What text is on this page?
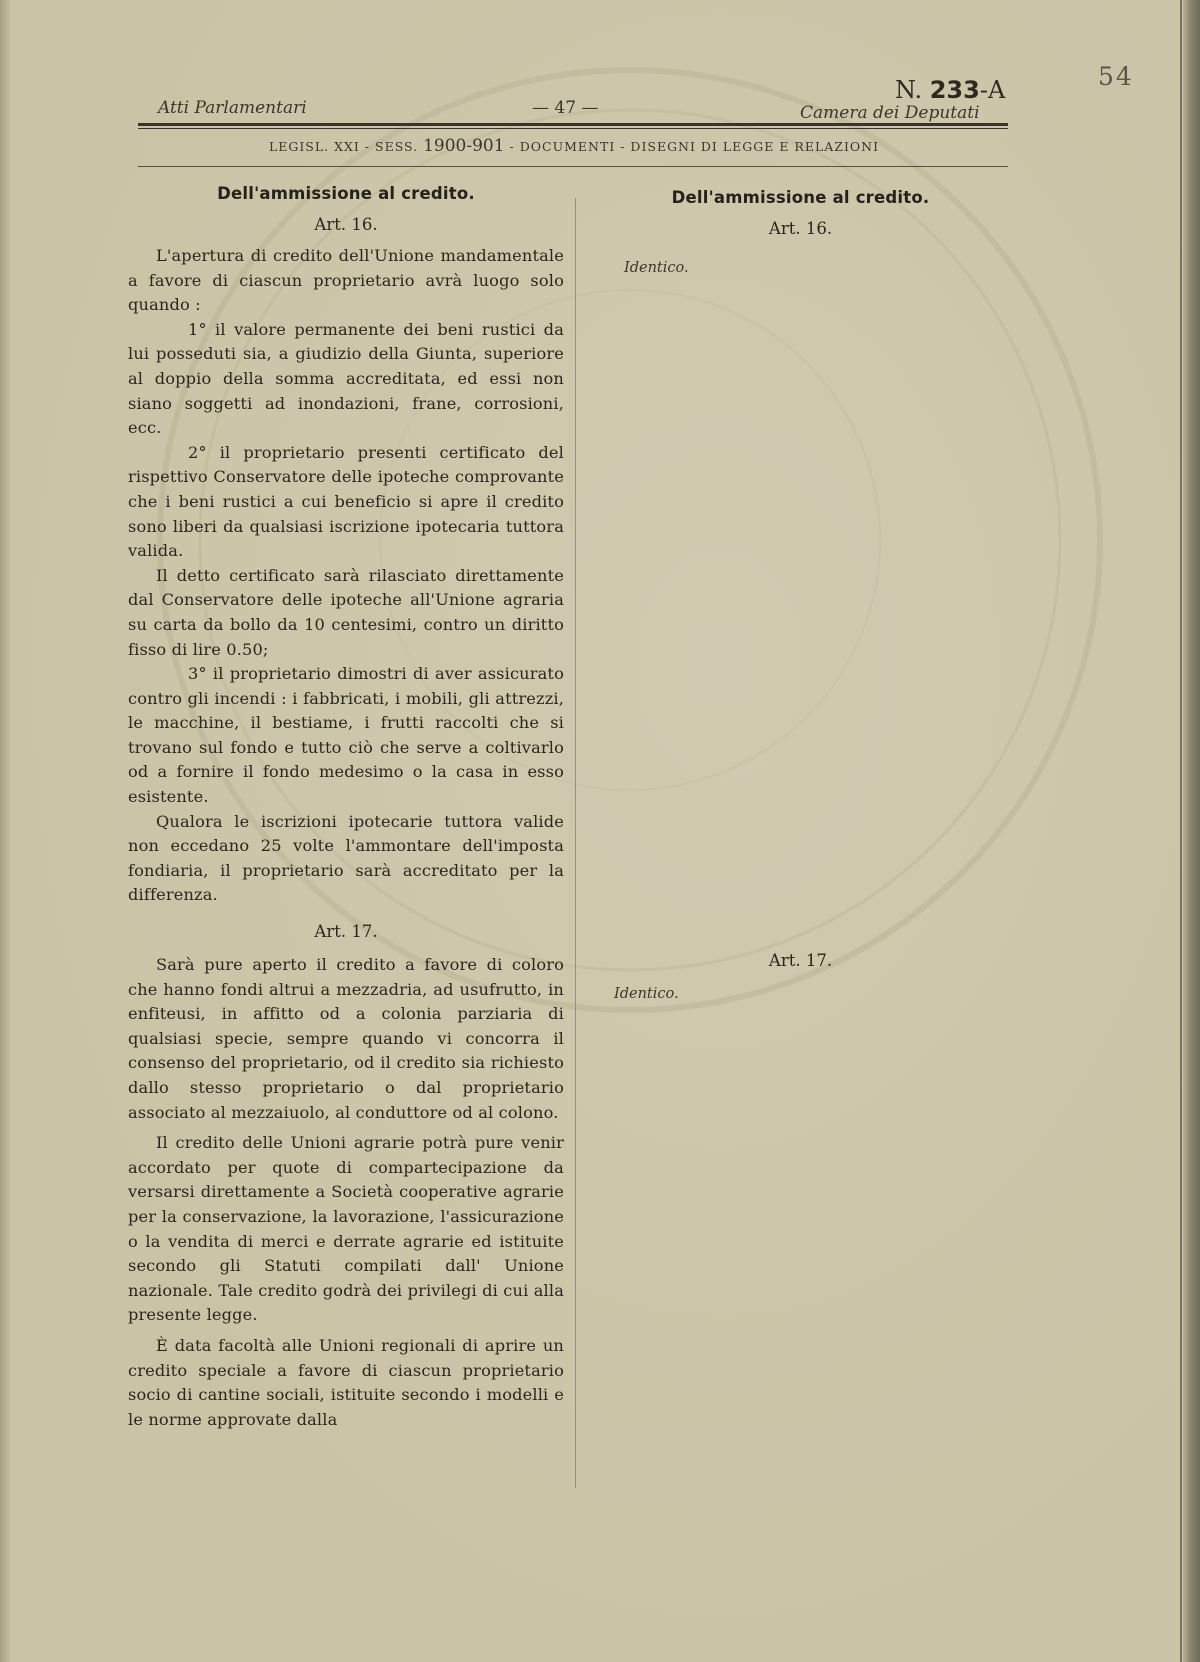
54
N. 233-A
Atti Parlamentari	— 47 —	Camera dei Deputati
LEGISL. XXI - SESS. 1900-901 - DOCUMENTI - DISEGNI DI LEGGE E RELAZIONI
Dell'ammissione al credito.
Art. 16.

L'apertura di credito dell'Unione mandamentale a favore di ciascun proprietario avrà luogo solo quando :

1° il valore permanente dei beni rustici da lui posseduti sia, a giudizio della Giunta, superiore al doppio della somma accreditata, ed essi non siano soggetti ad inondazioni, frane, corrosioni, ecc.

2° il proprietario presenti certificato del rispettivo Conservatore delle ipoteche comprovante che i beni rustici a cui beneficio si apre il credito sono liberi da qualsiasi iscrizione ipotecaria tuttora valida.

Il detto certificato sarà rilasciato direttamente dal Conservatore delle ipoteche all'Unione agraria su carta da bollo da 10 centesimi, contro un diritto fisso di lire 0.50;

3° il proprietario dimostri di aver assicurato contro gli incendi : i fabbricati, i mobili, gli attrezzi, le macchine, il bestiame, i frutti raccolti che si trovano sul fondo e tutto ciò che serve a coltivarlo od a fornire il fondo medesimo o la casa in esso esistente.

Qualora le iscrizioni ipotecarie tuttora valide non eccedano 25 volte l'ammontare dell'imposta fondiaria, il proprietario sarà accreditato per la differenza.

Art. 17.

Sarà pure aperto il credito a favore di coloro che hanno fondi altrui a mezzadria, ad usufrutto, in enfiteusi, in affitto od a colonia parziaria di qualsiasi specie, sempre quando vi concorra il consenso del proprietario, od il credito sia richiesto dallo stesso proprietario o dal proprietario associato al mezzaiuolo, al conduttore od al colono.

Il credito delle Unioni agrarie potrà pure venir accordato per quote di compartecipazione da versarsi direttamente a Società cooperative agrarie per la conservazione, la lavorazione, l'assicurazione o la vendita di merci e derrate agrarie ed istituite secondo gli Statuti compilati dall' Unione nazionale. Tale credito godrà dei privilegi di cui alla presente legge.

È data facoltà alle Unioni regionali di aprire un credito speciale a favore di ciascun proprietario socio di cantine sociali, istituite secondo i modelli e le norme approvate dalla

Dell'ammissione al credito.
Art. 16.
Identico.
Art. 17.
Identico.
